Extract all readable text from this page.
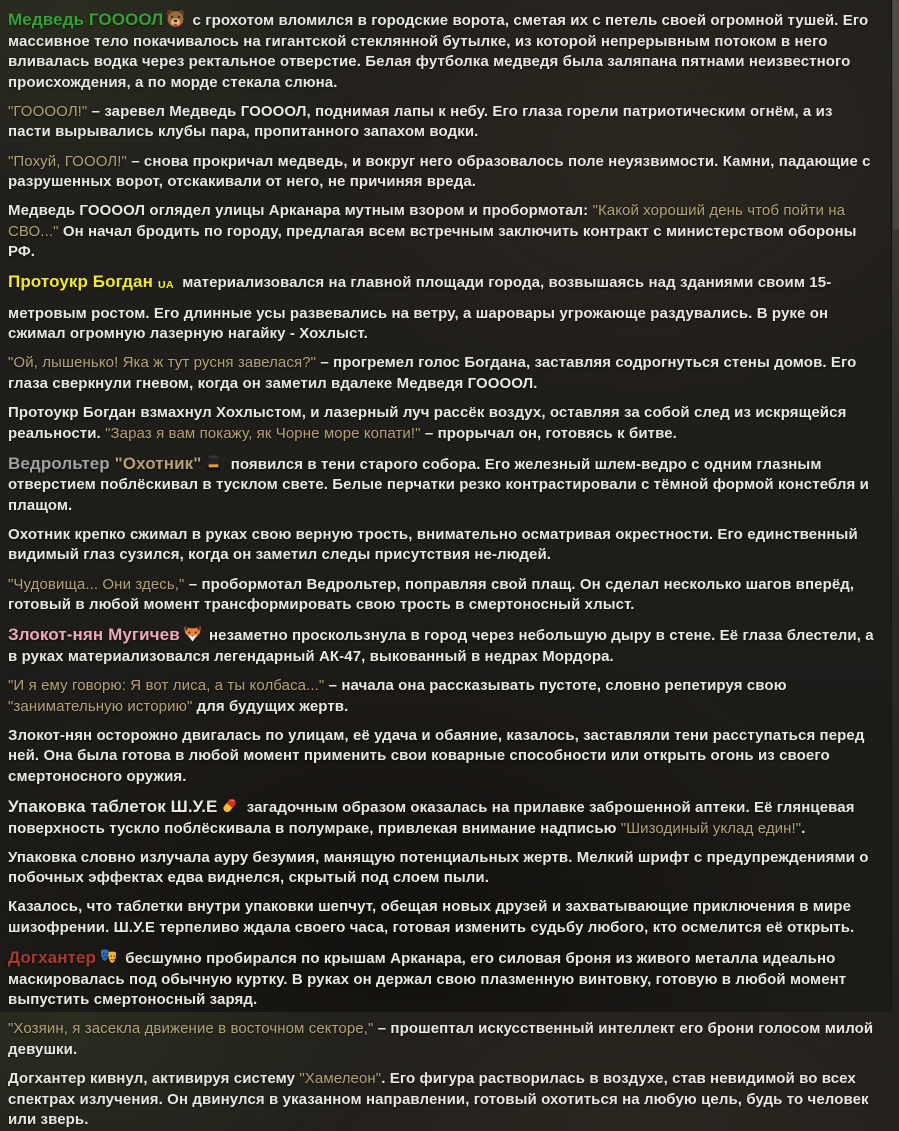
Медведь ГООООЛ
с грохотом вломился в городские ворота, сметая их с петель своей огромной тушей. Его массивное тело покачивалось на гигантской стеклянной бутылке, из которой непрерывным потоком в него вливалась водка через ректальное отверстие. Белая футболка медведя была заляпана пятнами неизвестного происхождения, а по морде стекала слюна.

"ГООООЛ!" – заревел Медведь ГООООЛ, поднимая лапы к небу. Его глаза горели патриотическим огнём, а из пасти вырывались клубы пара, пропитанного запахом водки.

"Похуй, ГОООЛ!" – снова прокричал медведь, и вокруг него образовалось поле неуязвимости. Камни, падающие с разрушенных ворот, отскакивали от него, не причиняя вреда.

Медведь ГООООЛ оглядел улицы Арканара мутным взором и пробормотал: "Какой хороший день чтоб пойти на СВО..." Он начал бродить по городу, предлагая всем встречным заключить контракт с министерством обороны РФ.

Протоукр Богдан UA материализовался на главной площади города, возвышаясь над зданиями своим 15-метровым ростом. Его длинные усы развевались на ветру, а шаровары угрожающе раздувались. В руке он сжимал огромную лазерную нагайку - Хохлыст.

"Ой, лышенько! Яка ж тут русня завелася?" – прогремел голос Богдана, заставляя содрогнуться стены домов. Его глаза сверкнули гневом, когда он заметил вдалеке Медведя ГООООЛ.

Протоукр Богдан взмахнул Хохлыстом, и лазерный луч рассёк воздух, оставляя за собой след из искрящейся реальности. "Зараз я вам покажу, як Чорне море копати!" – прорычал он, готовясь к битве.

Ведрольтер "Охотник"
появился в тени старого собора. Его железный шлем-ведро с одним глазным отверстием поблёскивал в тусклом свете. Белые перчатки резко контрастировали с тёмной формой констебля и плащом.

Охотник крепко сжимал в руках свою верную трость, внимательно осматривая окрестности. Его единственный видимый глаз сузился, когда он заметил следы присутствия не-людей.

"Чудовища... Они здесь," – пробормотал Ведрольтер, поправляя свой плащ. Он сделал несколько шагов вперёд, готовый в любой момент трансформировать свою трость в смертоносный хлыст.

Злокот-нян Мугичев
незаметно проскользнула в город через небольшую дыру в стене. Её глаза блестели, а в руках материализовался легендарный АК-47, выкованный в недрах Мордора.

"И я ему говорю: Я вот лиса, а ты колбаса..." – начала она рассказывать пустоте, словно репетируя свою "занимательную историю" для будущих жертв.

Злокот-нян осторожно двигалась по улицам, её удача и обаяние, казалось, заставляли тени расступаться перед ней. Она была готова в любой момент применить свои коварные способности или открыть огонь из своего смертоносного оружия.

Упаковка таблеток Ш.У.Е
загадочным образом оказалась на прилавке заброшенной аптеки. Её глянцевая поверхность тускло поблёскивала в полумраке, привлекая внимание надписью "Шизодиный уклад един!".

Упаковка словно излучала ауру безумия, манящую потенциальных жертв. Мелкий шрифт с предупреждениями о побочных эффектах едва виднелся, скрытый под слоем пыли.

Казалось, что таблетки внутри упаковки шепчут, обещая новых друзей и захватывающие приключения в мире шизофрении. Ш.У.Е терпеливо ждала своего часа, готовая изменить судьбу любого, кто осмелится её открыть.

Догхантер
бесшумно пробирался по крышам Арканара, его силовая броня из живого металла идеально маскировалась под обычную куртку. В руках он держал свою плазменную винтовку, готовую в любой момент выпустить смертоносный заряд.

"Хозяин, я засекла движение в восточном секторе," – прошептал искусственный интеллект его брони голосом милой девушки.

Догхантер кивнул, активируя систему "Хамелеон". Его фигура растворилась в воздухе, став невидимой во всех спектрах излучения. Он двинулся в указанном направлении, готовый охотиться на любую цель, будь то человек или зверь.
